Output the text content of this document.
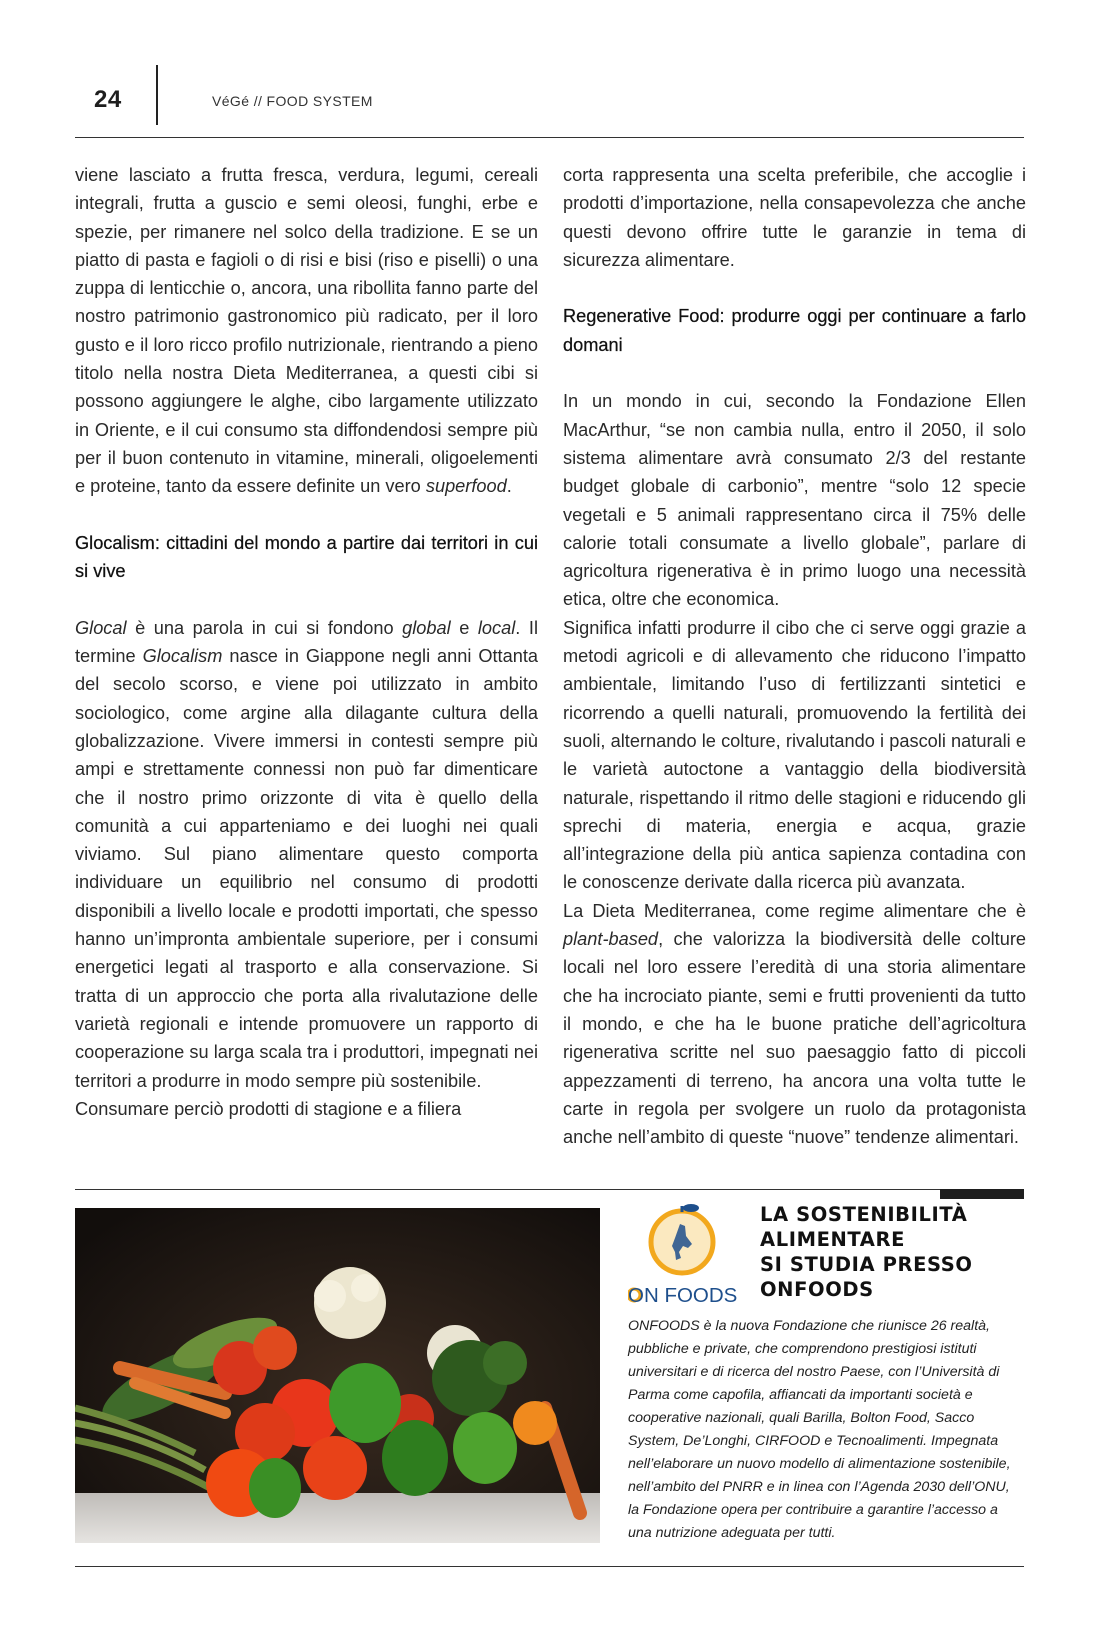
24	VéGé // FOOD SYSTEM

viene lasciato a frutta fresca, verdura, legumi, cereali integrali, frutta a guscio e semi oleosi, funghi, erbe e spezie, per rimanere nel solco della tradizione. E se un piatto di pasta e fagioli o di risi e bisi (riso e piselli) o una zuppa di lenticchie o, ancora, una ribollita fanno parte del nostro patrimonio gastronomico più radicato, per il loro gusto e il loro ricco profilo nutrizionale, rientrando a pieno titolo nella nostra Dieta Mediterranea, a questi cibi si possono aggiungere le alghe, cibo largamente utilizzato in Oriente, e il cui consumo sta diffondendosi sempre più per il buon contenuto in vitamine, minerali, oligoelementi e proteine, tanto da essere definite un vero superfood.

Glocalism: cittadini del mondo a partire dai territori in cui si vive

Glocal è una parola in cui si fondono global e local. Il termine Glocalism nasce in Giappone negli anni Ottanta del secolo scorso, e viene poi utilizzato in ambito sociologico, come argine alla dilagante cultura della globalizzazione. Vivere immersi in contesti sempre più ampi e strettamente connessi non può far dimenticare che il nostro primo orizzonte di vita è quello della comunità a cui apparteniamo e dei luoghi nei quali viviamo. Sul piano alimentare questo comporta individuare un equilibrio nel consumo di prodotti disponibili a livello locale e prodotti importati, che spesso hanno un’impronta ambientale superiore, per i consumi energetici legati al trasporto e alla conservazione. Si tratta di un approccio che porta alla rivalutazione delle varietà regionali e intende promuovere un rapporto di cooperazione su larga scala tra i produttori, impegnati nei territori a produrre in modo sempre più sostenibile.

Consumare perciò prodotti di stagione e a filiera

corta rappresenta una scelta preferibile, che accoglie i prodotti d’importazione, nella consapevolezza che anche questi devono offrire tutte le garanzie in tema di sicurezza alimentare.

Regenerative Food: produrre oggi per continuare a farlo domani

In un mondo in cui, secondo la Fondazione Ellen MacArthur, “se non cambia nulla, entro il 2050, il solo sistema alimentare avrà consumato 2/3 del restante budget globale di carbonio”, mentre “solo 12 specie vegetali e 5 animali rappresentano circa il 75% delle calorie totali consumate a livello globale”, parlare di agricoltura rigenerativa è in primo luogo una necessità etica, oltre che economica.

Significa infatti produrre il cibo che ci serve oggi grazie a metodi agricoli e di allevamento che riducono l’impatto ambientale, limitando l’uso di fertilizzanti sintetici e ricorrendo a quelli naturali, promuovendo la fertilità dei suoli, alternando le colture, rivalutando i pascoli naturali e le varietà autoctone a vantaggio della biodiversità naturale, rispettando il ritmo delle stagioni e riducendo gli sprechi di materia, energia e acqua, grazie all’integrazione della più antica sapienza contadina con le conoscenze derivate dalla ricerca più avanzata.

La Dieta Mediterranea, come regime alimentare che è plant-based, che valorizza la biodiversità delle colture locali nel loro essere l’eredità di una storia alimentare che ha incrociato piante, semi e frutti provenienti da tutto il mondo, e che ha le buone pratiche dell’agricoltura rigenerativa scritte nel suo paesaggio fatto di piccoli appezzamenti di terreno, ha ancora una volta tutte le carte in regola per svolgere un ruolo da protagonista anche nell’ambito di queste “nuove” tendenze alimentari.

ON FOODS
LA SOSTENIBILITÀ
ALIMENTARE
SI STUDIA PRESSO
ONFOODS
ONFOODS è la nuova Fondazione che riunisce 26 realtà, pubbliche e private, che comprendono prestigiosi istituti universitari e di ricerca del nostro Paese, con l’Università di Parma come capofila, affiancati da importanti società e cooperative nazionali, quali Barilla, Bolton Food, Sacco System, De’Longhi, CIRFOOD e Tecnoalimenti. Impegnata nell’elaborare un nuovo modello di alimentazione sostenibile, nell’ambito del PNRR e in linea con l’Agenda 2030 dell’ONU, la Fondazione opera per contribuire a garantire l’accesso a una nutrizione adeguata per tutti.
